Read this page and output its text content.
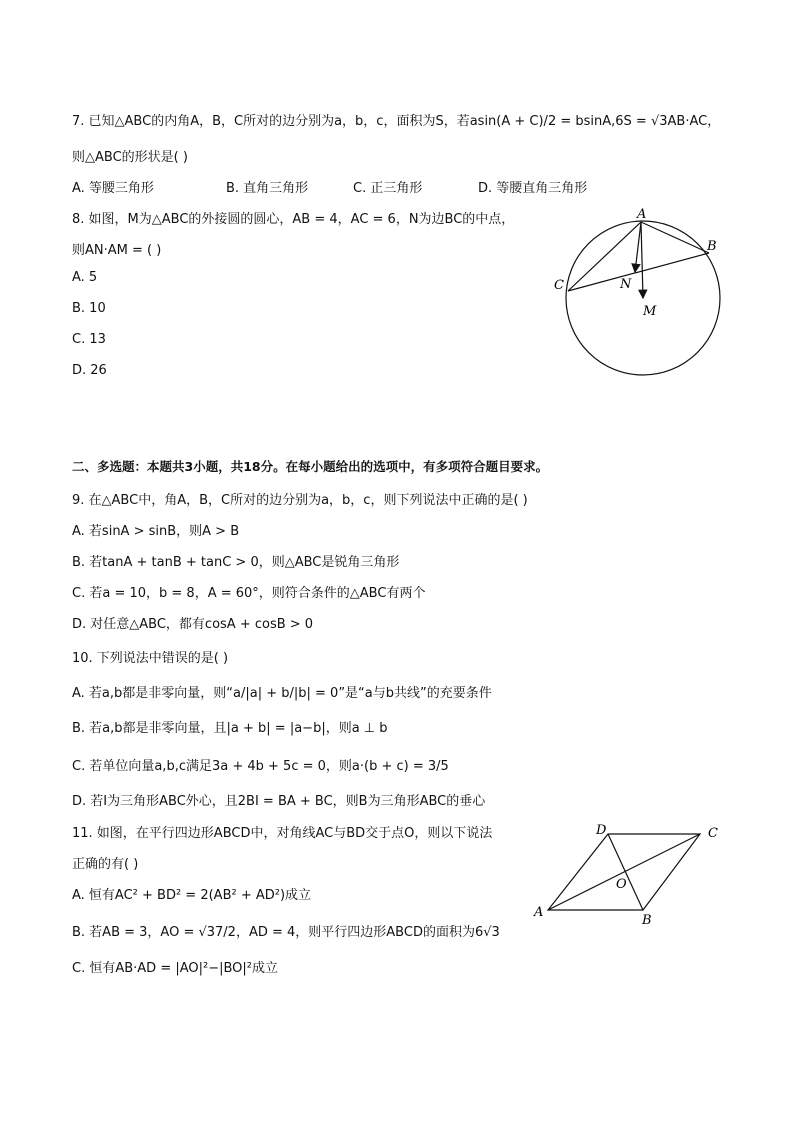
7. 已知△ABC的内角A，B，C所对的边分别为a，b，c，面积为S，若asin(A + C)/2 = bsinA,6S = √3AB·AC，
则△ABC的形状是( )
A. 等腰三角形	B. 直角三角形	C. 正三角形	D. 等腰直角三角形
8. 如图，M为△ABC的外接圆的圆心，AB = 4，AC = 6，N为边BC的中点，
则AN·AM = ( )
A. 5
B. 10
C. 13
D. 26
A
B
C	N
M
二、多选题：本题共3小题，共18分。在每小题给出的选项中，有多项符合题目要求。
9. 在△ABC中，角A，B，C所对的边分别为a，b，c，则下列说法中正确的是( )
A. 若sinA > sinB，则A > B
B. 若tanA + tanB + tanC > 0，则△ABC是锐角三角形
C. 若a = 10，b = 8，A = 60°，则符合条件的△ABC有两个
D. 对任意△ABC，都有cosA + cosB > 0
10. 下列说法中错误的是( )
A. 若a,b都是非零向量，则“a/|a| + b/|b| = 0”是“a与b共线”的充要条件
B. 若a,b都是非零向量，且|a + b| = |a−b|，则a ⊥ b
C. 若单位向量a,b,c满足3a + 4b + 5c = 0，则a·(b + c) = 3/5
D. 若I为三角形ABC外心，且2BI = BA + BC，则B为三角形ABC的垂心
11. 如图，在平行四边形ABCD中，对角线AC与BD交于点O，则以下说法
正确的有( )
A. 恒有AC² + BD² = 2(AB² + AD²)成立
B. 若AB = 3，AO = √37/2，AD = 4，则平行四边形ABCD的面积为6√3
C. 恒有AB·AD = |AO|²−|BO|²成立
A
B
C
D
O
